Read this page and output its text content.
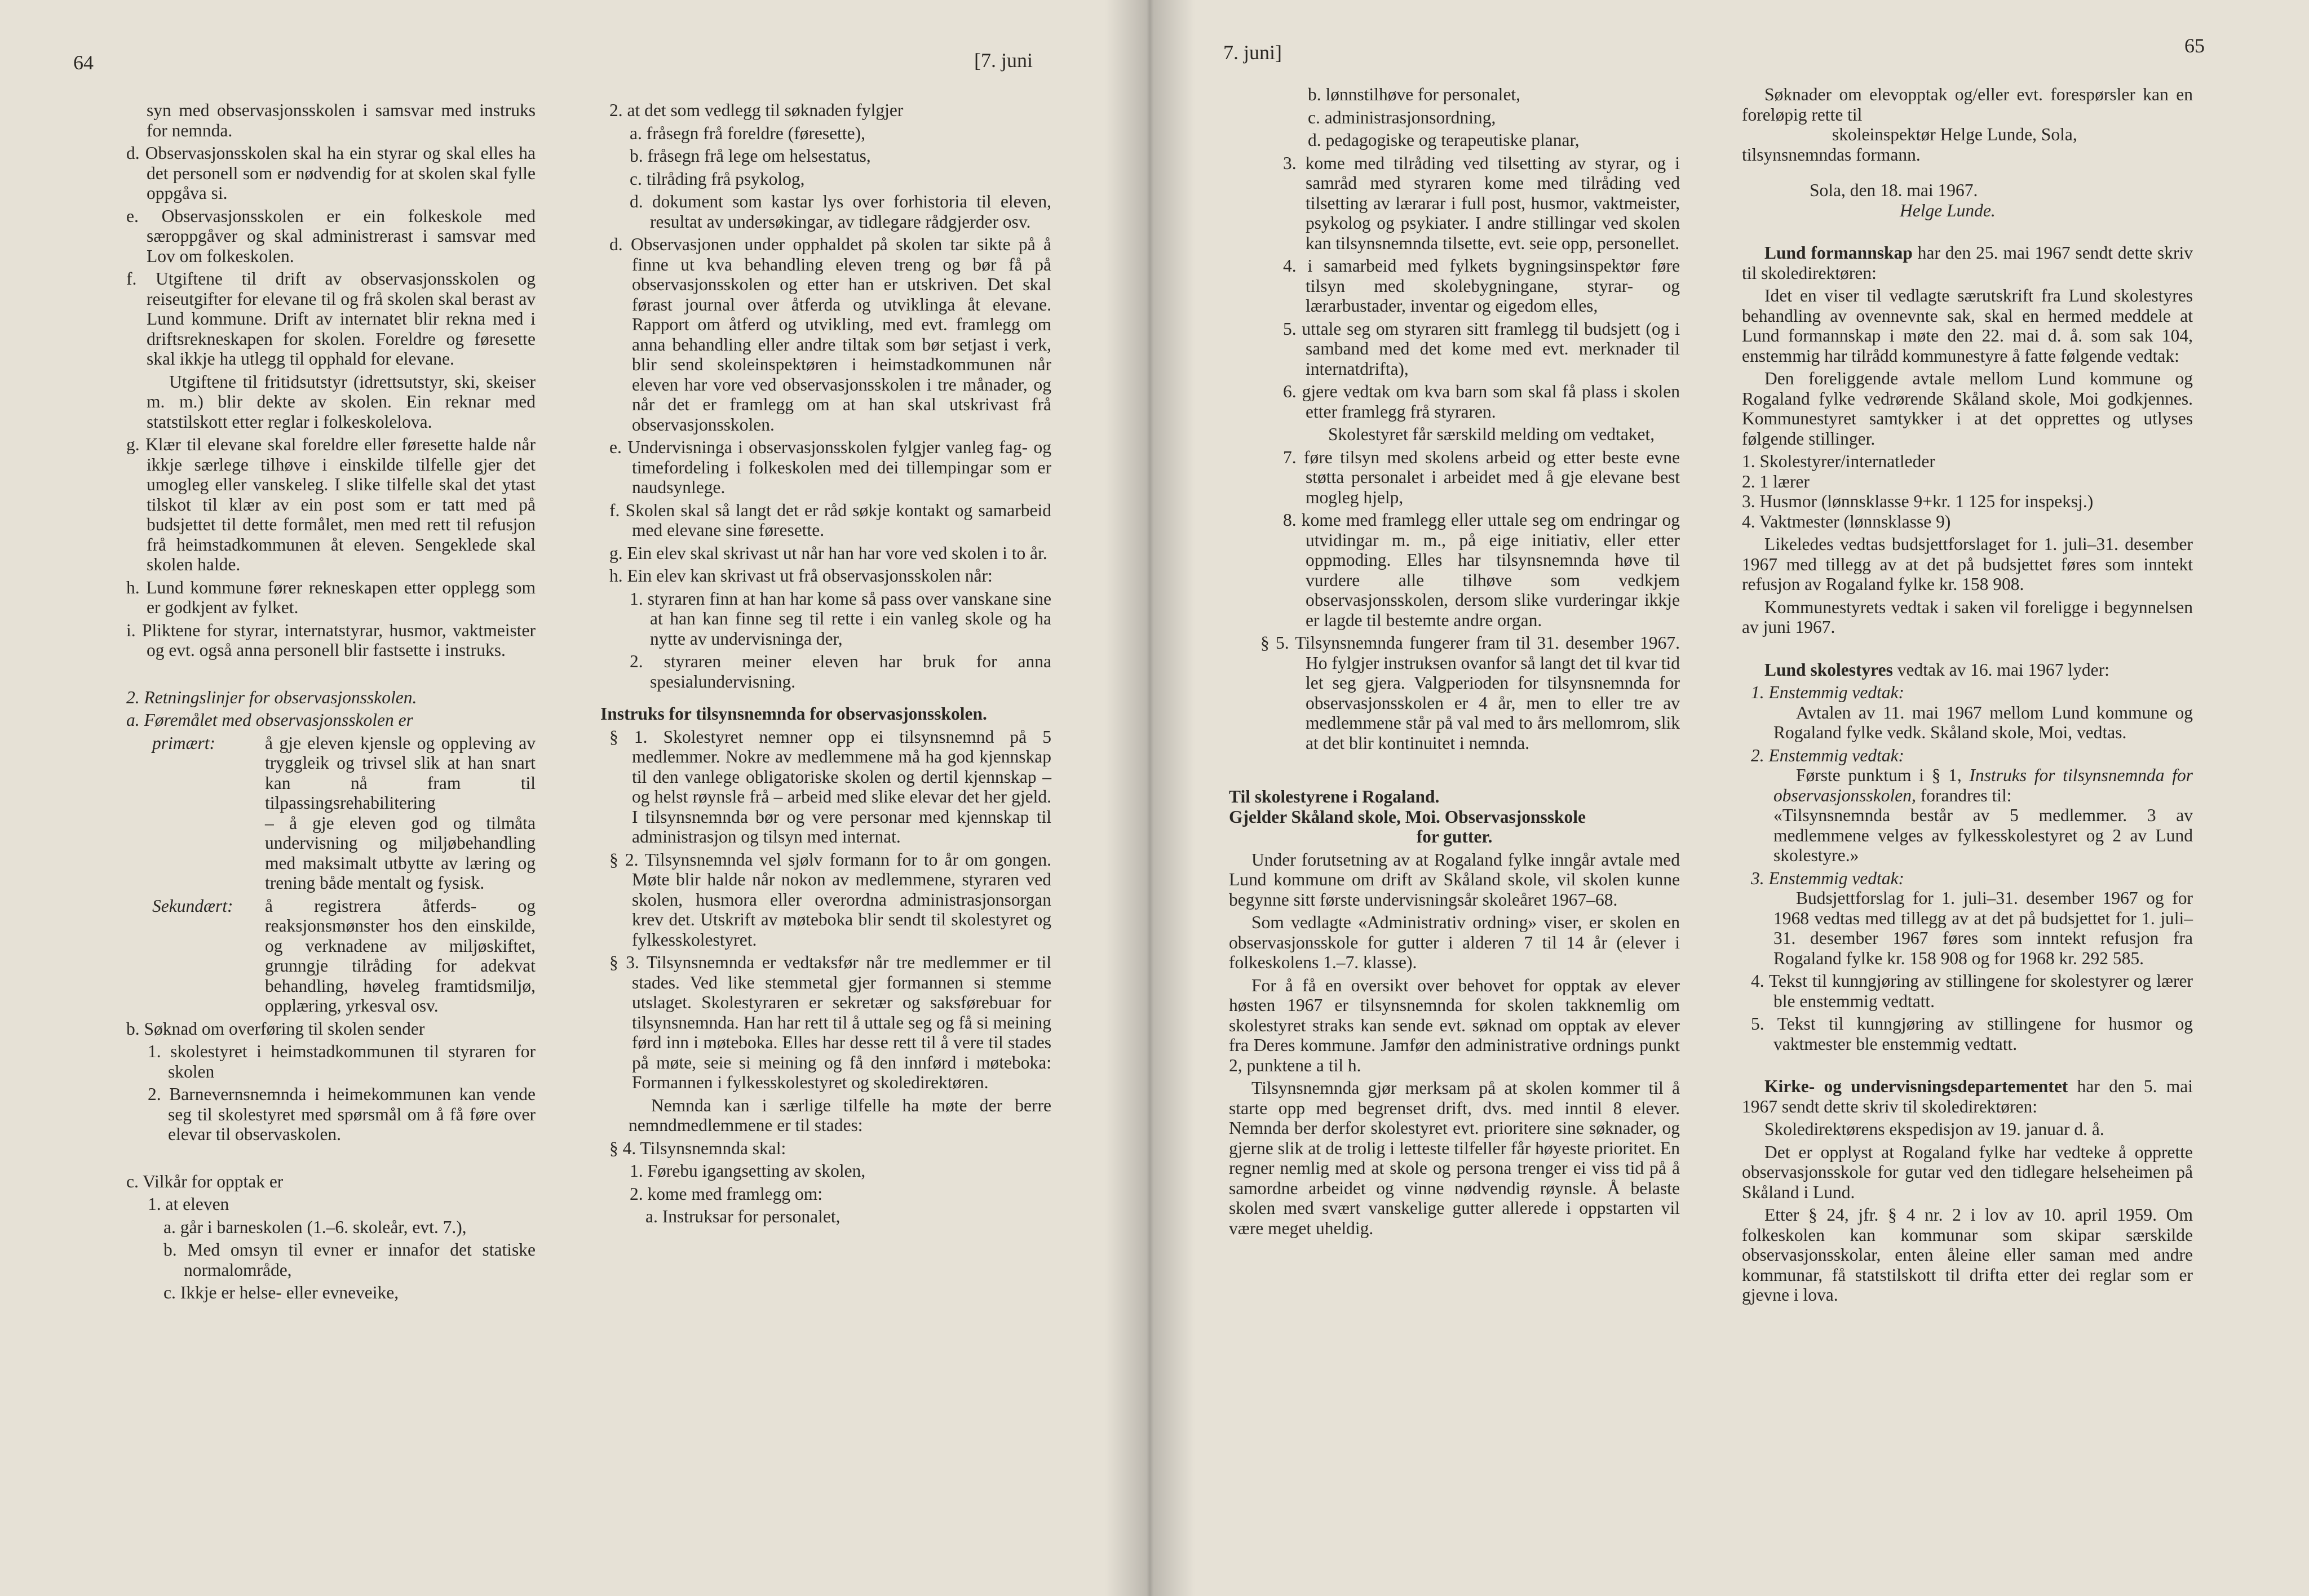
64	[7. juni

syn med observasjonsskolen i samsvar med instruks for nemnda.

d. Observasjonsskolen skal ha ein styrar og skal elles ha det personell som er nødvendig for at skolen skal fylle oppgåva si.

e. Observasjonsskolen er ein folkeskole med særoppgåver og skal administrerast i samsvar med Lov om folkeskolen.

f. Utgiftene til drift av observasjonsskolen og reiseutgifter for elevane til og frå skolen skal berast av Lund kommune. Drift av internatet blir rekna med i driftsrekneskapen for skolen. Foreldre og føresette skal ikkje ha utlegg til opphald for elevane.

Utgiftene til fritidsutstyr (idrettsutstyr, ski, skeiser m. m.) blir dekte av skolen. Ein reknar med statstilskott etter reglar i folkeskolelova.

g. Klær til elevane skal foreldre eller føresette halde når ikkje særlege tilhøve i einskilde tilfelle gjer det umogleg eller vanskeleg. I slike tilfelle skal det ytast tilskot til klær av ein post som er tatt med på budsjettet til dette formålet, men med rett til refusjon frå heimstadkommunen åt eleven. Sengeklede skal skolen halde.

h. Lund kommune fører rekneskapen etter opplegg som er godkjent av fylket.

i. Pliktene for styrar, internatstyrar, husmor, vaktmeister og evt. også anna personell blir fastsette i instruks.

2. Retningslinjer for observasjonsskolen.

a. Føremålet med observasjonsskolen er

primært:	å gje eleven kjensle og oppleving av tryggleik og trivsel slik at han snart kan nå fram til tilpassingsrehabilitering
– å gje eleven god og tilmåta undervisning og miljøbehandling med maksimalt utbytte av læring og trening både mentalt og fysisk.
Sekundært:	å registrera åtferds- og reaksjonsmønster hos den einskilde, og verknadene av miljøskiftet, grunngje tilråding for adekvat behandling, høveleg framtidsmiljø, opplæring, yrkesval osv.

b. Søknad om overføring til skolen sender

1. skolestyret i heimstadkommunen til styraren for skolen

2. Barnevernsnemnda i heimekommunen kan vende seg til skolestyret med spørsmål om å få føre over elevar til observaskolen.

c. Vilkår for opptak er

1. at eleven

a. går i barneskolen (1.–6. skoleår, evt. 7.),

b. Med omsyn til evner er innafor det statiske normalområde,

c. Ikkje er helse- eller evneveike,

2. at det som vedlegg til søknaden fylgjer

a. fråsegn frå foreldre (føresette),

b. fråsegn frå lege om helsestatus,

c. tilråding frå psykolog,

d. dokument som kastar lys over forhistoria til eleven, resultat av undersøkingar, av tidlegare rådgjerder osv.

d. Observasjonen under opphaldet på skolen tar sikte på å finne ut kva behandling eleven treng og bør få på observasjonsskolen og etter han er utskriven. Det skal førast journal over åtferda og utviklinga åt elevane. Rapport om åtferd og utvikling, med evt. framlegg om anna behandling eller andre tiltak som bør setjast i verk, blir send skoleinspektøren i heimstadkommunen når eleven har vore ved observasjonsskolen i tre månader, og når det er framlegg om at han skal utskrivast frå observasjonsskolen.

e. Undervisninga i observasjonsskolen fylgjer vanleg fag- og timefordeling i folkeskolen med dei tillempingar som er naudsynlege.

f. Skolen skal så langt det er råd søkje kontakt og samarbeid med elevane sine føresette.

g. Ein elev skal skrivast ut når han har vore ved skolen i to år.

h. Ein elev kan skrivast ut frå observasjonsskolen når:

1. styraren finn at han har kome så pass over vanskane sine at han kan finne seg til rette i ein vanleg skole og ha nytte av undervisninga der,

2. styraren meiner eleven har bruk for anna spesialundervisning.

Instruks for tilsynsnemnda for observasjonsskolen.

§ 1. Skolestyret nemner opp ei tilsynsnemnd på 5 medlemmer. Nokre av medlemmene må ha god kjennskap til den vanlege obligatoriske skolen og dertil kjennskap – og helst røynsle frå – arbeid med slike elevar det her gjeld. I tilsynsnemnda bør og vere personar med kjennskap til administrasjon og tilsyn med internat.

§ 2. Tilsynsnemnda vel sjølv formann for to år om gongen. Møte blir halde når nokon av medlemmene, styraren ved skolen, husmora eller overordna administrasjonsorgan krev det. Utskrift av møteboka blir sendt til skolestyret og fylkesskolestyret.

§ 3. Tilsynsnemnda er vedtaksfør når tre medlemmer er til stades. Ved like stemmetal gjer formannen si stemme utslaget. Skolestyraren er sekretær og saksførebuar for tilsynsnemnda. Han har rett til å uttale seg og få si meining førd inn i møteboka. Elles har desse rett til å vere til stades på møte, seie si meining og få den innførd i møteboka: Formannen i fylkesskolestyret og skoledirektøren.

Nemnda kan i særlige tilfelle ha møte der berre nemndmedlemmene er til stades:

§ 4. Tilsynsnemnda skal:

1. Førebu igangsetting av skolen,

2. kome med framlegg om:

a. Instruksar for personalet,

7. juni]	65

b. lønnstilhøve for personalet,

c. administrasjonsordning,

d. pedagogiske og terapeutiske planar,

3. kome med tilråding ved tilsetting av styrar, og i samråd med styraren kome med tilråding ved tilsetting av lærarar i full post, husmor, vaktmeister, psykolog og psykiater. I andre stillingar ved skolen kan tilsynsnemnda tilsette, evt. seie opp, personellet.

4. i samarbeid med fylkets bygningsinspektør føre tilsyn med skolebygningane, styrar- og lærarbustader, inventar og eigedom elles,

5. uttale seg om styraren sitt framlegg til budsjett (og i samband med det kome med evt. merknader til internatdrifta),

6. gjere vedtak om kva barn som skal få plass i skolen etter framlegg frå styraren.

Skolestyret får særskild melding om vedtaket,

7. føre tilsyn med skolens arbeid og etter beste evne støtta personalet i arbeidet med å gje elevane best mogleg hjelp,

8. kome med framlegg eller uttale seg om endringar og utvidingar m. m., på eige initiativ, eller etter oppmoding. Elles har tilsynsnemnda høve til vurdere alle tilhøve som vedkjem observasjonsskolen, dersom slike vurderingar ikkje er lagde til bestemte andre organ.

§ 5. Tilsynsnemnda fungerer fram til 31. desember 1967. Ho fylgjer instruksen ovanfor så langt det til kvar tid let seg gjera. Valgperioden for tilsynsnemnda for observasjonsskolen er 4 år, men to eller tre av medlemmene står på val med to års mellomrom, slik at det blir kontinuitet i nemnda.

Til skolestyrene i Rogaland.

Gjelder Skåland skole, Moi. Observasjonsskole

for gutter.

Under forutsetning av at Rogaland fylke inngår avtale med Lund kommune om drift av Skåland skole, vil skolen kunne begynne sitt første undervisningsår skoleåret 1967–68.

Som vedlagte «Administrativ ordning» viser, er skolen en observasjonsskole for gutter i alderen 7 til 14 år (elever i folkeskolens 1.–7. klasse).

For å få en oversikt over behovet for opptak av elever høsten 1967 er tilsynsnemnda for skolen takknemlig om skolestyret straks kan sende evt. søknad om opptak av elever fra Deres kommune. Jamfør den administrative ordnings punkt 2, punktene a til h.

Tilsynsnemnda gjør merksam på at skolen kommer til å starte opp med begrenset drift, dvs. med inntil 8 elever. Nemnda ber derfor skolestyret evt. prioritere sine søknader, og gjerne slik at de trolig i letteste tilfeller får høyeste prioritet. En regner nemlig med at skole og persona trenger ei viss tid på å samordne arbeidet og vinne nødvendig røynsle. Å belaste skolen med svært vanskelige gutter allerede i oppstarten vil være meget uheldig.

Søknader om elevopptak og/eller evt. forespørsler kan en foreløpig rette til

skoleinspektør Helge Lunde, Sola,

tilsynsnemndas formann.

Sola, den 18. mai 1967.

Helge Lunde.

Lund formannskap har den 25. mai 1967 sendt dette skriv til skoledirektøren:

Idet en viser til vedlagte særutskrift fra Lund skolestyres behandling av ovennevnte sak, skal en hermed meddele at Lund formannskap i møte den 22. mai d. å. som sak 104, enstemmig har tilrådd kommunestyre å fatte følgende vedtak:

Den foreliggende avtale mellom Lund kommune og Rogaland fylke vedrørende Skåland skole, Moi godkjennes. Kommunestyret samtykker i at det opprettes og utlyses følgende stillinger.

1. Skolestyrer/internatleder

2. 1 lærer

3. Husmor (lønnsklasse 9+kr. 1 125 for inspeksj.)

4. Vaktmester (lønnsklasse 9)

Likeledes vedtas budsjettforslaget for 1. juli–31. desember 1967 med tillegg av at det på budsjettet føres som inntekt refusjon av Rogaland fylke kr. 158 908.

Kommunestyrets vedtak i saken vil foreligge i begynnelsen av juni 1967.

Lund skolestyres vedtak av 16. mai 1967 lyder:

1. Enstemmig vedtak:

Avtalen av 11. mai 1967 mellom Lund kommune og Rogaland fylke vedk. Skåland skole, Moi, vedtas.

2. Enstemmig vedtak:

Første punktum i § 1, Instruks for tilsynsnemnda for observasjonsskolen, forandres til:

«Tilsynsnemnda består av 5 medlemmer. 3 av medlemmene velges av fylkesskolestyret og 2 av Lund skolestyre.»

3. Enstemmig vedtak:

Budsjettforslag for 1. juli–31. desember 1967 og for 1968 vedtas med tillegg av at det på budsjettet for 1. juli–31. desember 1967 føres som inntekt refusjon fra Rogaland fylke kr. 158 908 og for 1968 kr. 292 585.

4. Tekst til kunngjøring av stillingene for skolestyrer og lærer ble enstemmig vedtatt.

5. Tekst til kunngjøring av stillingene for husmor og vaktmester ble enstemmig vedtatt.

Kirke- og undervisningsdepartementet har den 5. mai 1967 sendt dette skriv til skoledirektøren:

Skoledirektørens ekspedisjon av 19. januar d. å.

Det er opplyst at Rogaland fylke har vedteke å opprette observasjonsskole for gutar ved den tidlegare helseheimen på Skåland i Lund.

Etter § 24, jfr. § 4 nr. 2 i lov av 10. april 1959. Om folkeskolen kan kommunar som skipar særskilde observasjonsskolar, enten åleine eller saman med andre kommunar, få statstilskott til drifta etter dei reglar som er gjevne i lova.
